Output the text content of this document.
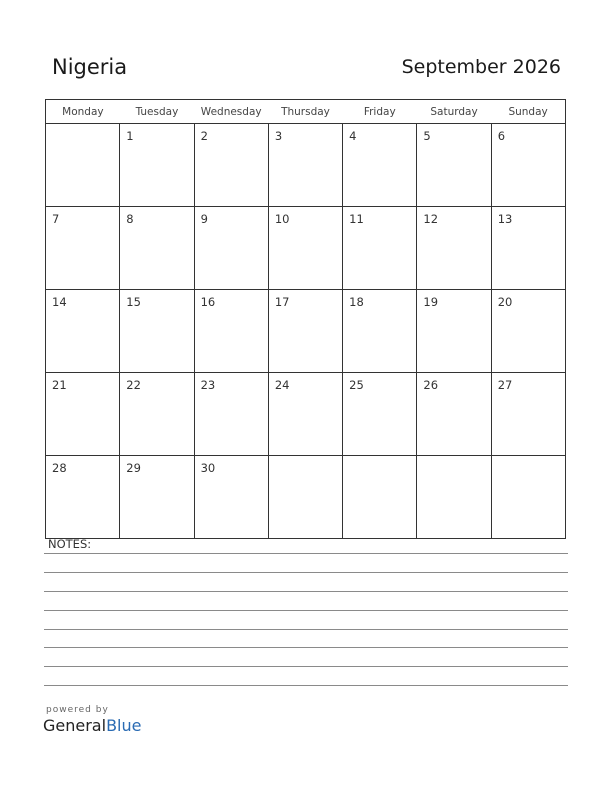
Nigeria	September 2026
Monday	Tuesday	Wednesday	Thursday	Friday	Saturday	Sunday
	1	2	3	4	5	6
7	8	9	10	11	12	13
14	15	16	17	18	19	20
21	22	23	24	25	26	27
28	29	30				
NOTES:
powered by
GeneralBlue
